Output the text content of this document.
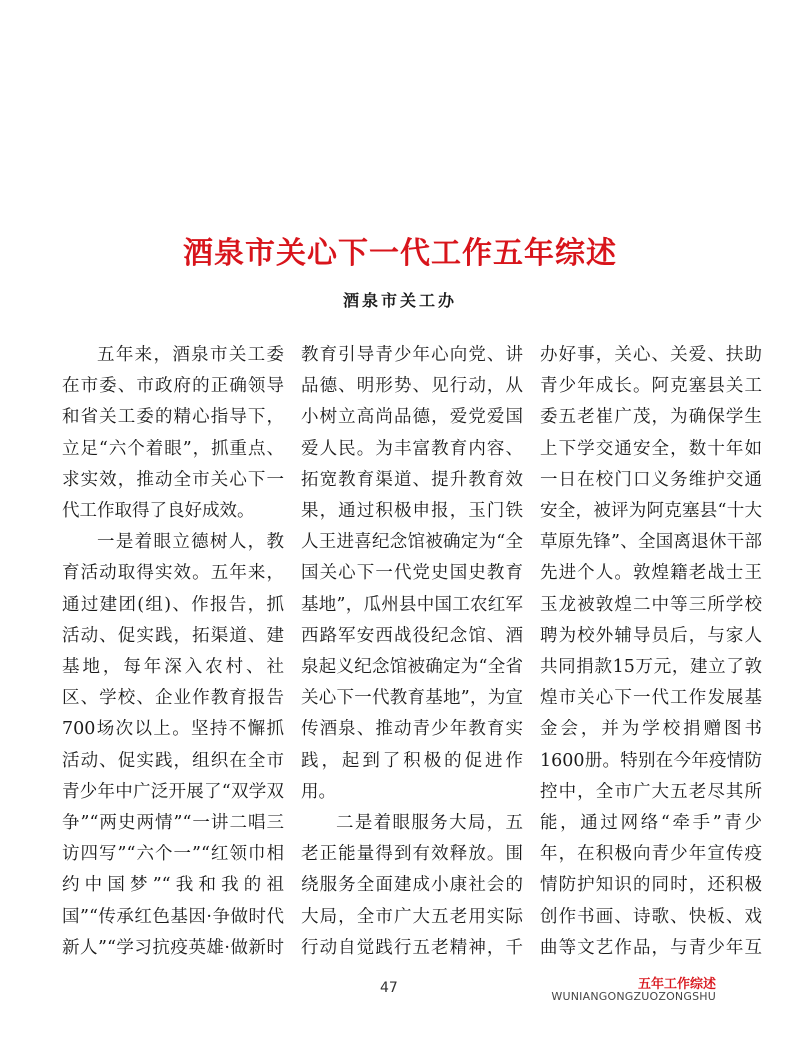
酒泉市关心下一代工作五年综述
酒泉市关工办

五年来，酒泉市关工委在市委、市政府的正确领导和省关工委的精心指导下，立足“六个着眼”，抓重点、求实效，推动全市关心下一代工作取得了良好成效。

一是着眼立德树人，教育活动取得实效。五年来，通过建团(组)、作报告，抓活动、促实践，拓渠道、建基地，每年深入农村、社区、学校、企业作教育报告700场次以上。坚持不懈抓活动、促实践，组织在全市青少年中广泛开展了“双学双争”“两史两情”“一讲二唱三访四写”“六个一”“红领巾相约中国梦”“我和我的祖国”“传承红色基因·争做时代新人”“学习抗疫英雄·做新时

教育引导青少年心向党、讲品德、明形势、见行动，从小树立高尚品德，爱党爱国爱人民。为丰富教育内容、拓宽教育渠道、提升教育效果，通过积极申报，玉门铁人王进喜纪念馆被确定为“全国关心下一代党史国史教育基地”，瓜州县中国工农红军西路军安西战役纪念馆、酒泉起义纪念馆被确定为“全省关心下一代教育基地”，为宣传酒泉、推动青少年教育实践，起到了积极的促进作用。

二是着眼服务大局，五老正能量得到有效释放。围绕服务全面建成小康社会的大局，全市广大五老用实际行动自觉践行五老精神，千

办好事，关心、关爱、扶助青少年成长。阿克塞县关工委五老崔广茂，为确保学生上下学交通安全，数十年如一日在校门口义务维护交通安全，被评为阿克塞县“十大草原先锋”、全国离退休干部先进个人。敦煌籍老战士王玉龙被敦煌二中等三所学校聘为校外辅导员后，与家人共同捐款15万元，建立了敦煌市关心下一代工作发展基金会，并为学校捐赠图书1600册。特别在今年疫情防控中，全市广大五老尽其所能，通过网络“牵手”青少年，在积极向青少年宣传疫情防护知识的同时，还积极创作书画、诗歌、快板、戏曲等文艺作品，与青少年互

47	五年工作综述
WUNIANGONGZUOZONGSHU
